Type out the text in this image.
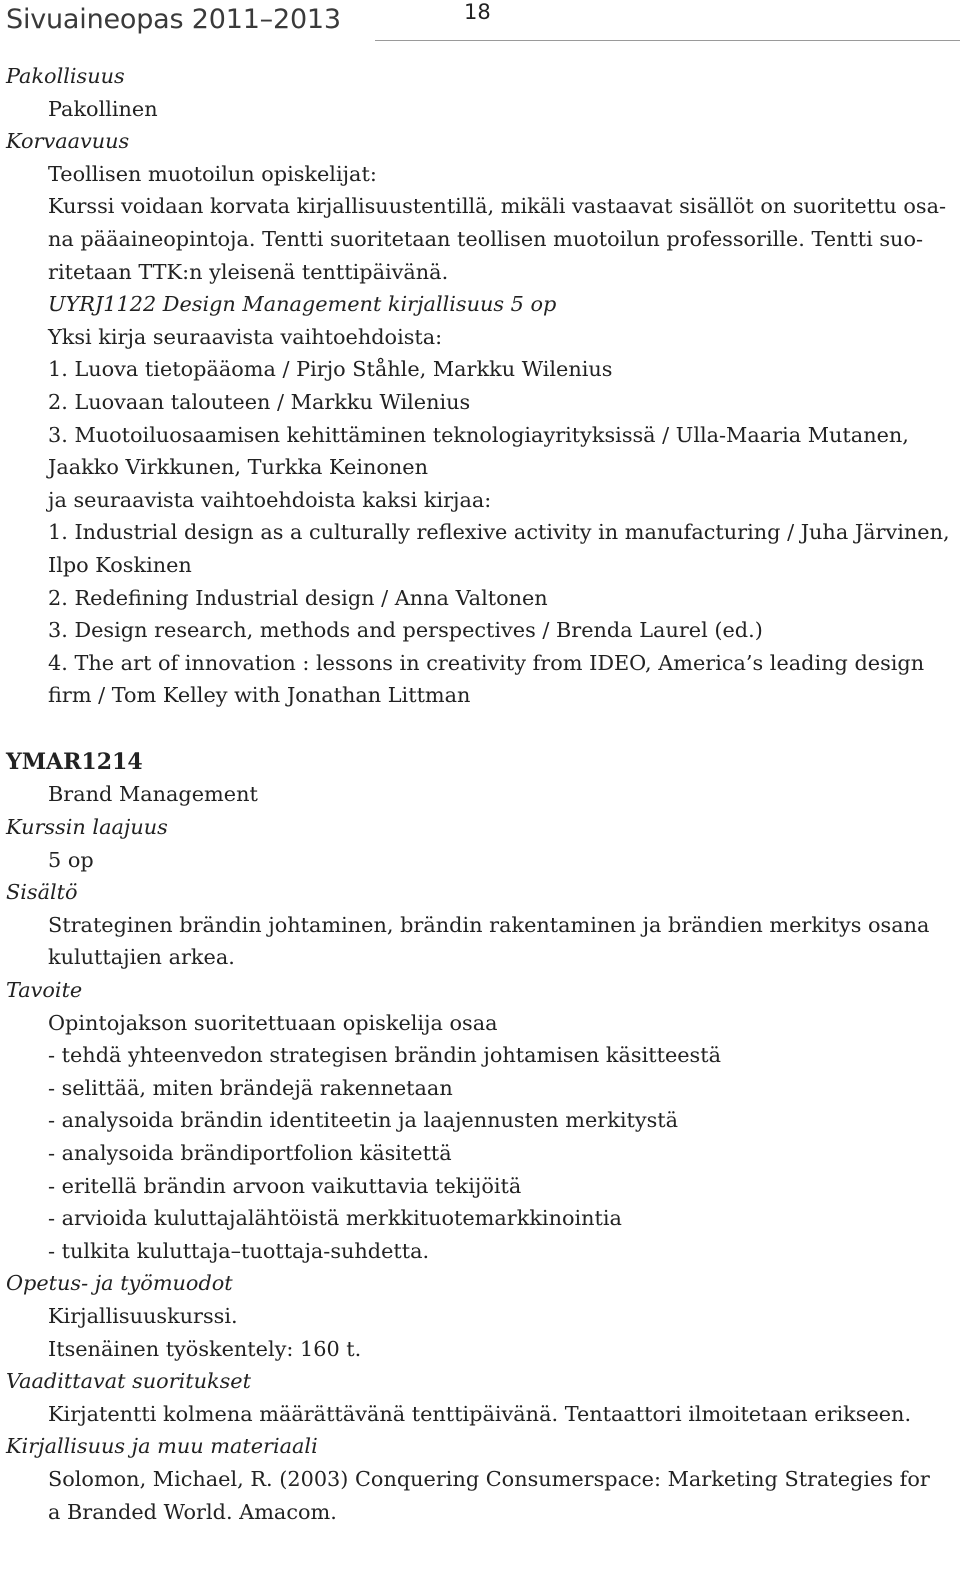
Sivuaineopas 2011–2013	18
Pakollisuus
Pakollinen
Korvaavuus
Teollisen muotoilun opiskelijat:
Kurssi voidaan korvata kirjallisuustentillä, mikäli vastaavat sisällöt on suoritettu osa-
na pääaineopintoja. Tentti suoritetaan teollisen muotoilun professorille. Tentti suo-
ritetaan TTK:n yleisenä tenttipäivänä.
UYRJ1122 Design Management kirjallisuus 5 op
Yksi kirja seuraavista vaihtoehdoista:
1. Luova tietopääoma / Pirjo Ståhle, Markku Wilenius
2. Luovaan talouteen / Markku Wilenius
3. Muotoiluosaamisen kehittäminen teknologiayrityksissä / Ulla-Maaria Mutanen,
Jaakko Virkkunen, Turkka Keinonen
ja seuraavista vaihtoehdoista kaksi kirjaa:
1. Industrial design as a culturally reflexive activity in manufacturing / Juha Järvinen,
Ilpo Koskinen
2. Redefining Industrial design / Anna Valtonen
3. Design research, methods and perspectives / Brenda Laurel (ed.)
4. The art of innovation : lessons in creativity from IDEO, America’s leading design
firm / Tom Kelley with Jonathan Littman
YMAR1214
Brand Management
Kurssin laajuus
5 op
Sisältö
Strateginen brändin johtaminen, brändin rakentaminen ja brändien merkitys osana
kuluttajien arkea.
Tavoite
Opintojakson suoritettuaan opiskelija osaa
- tehdä yhteenvedon strategisen brändin johtamisen käsitteestä
- selittää, miten brändejä rakennetaan
- analysoida brändin identiteetin ja laajennusten merkitystä
- analysoida brändiportfolion käsitettä
- eritellä brändin arvoon vaikuttavia tekijöitä
- arvioida kuluttajalähtöistä merkkituotemarkkinointia
- tulkita kuluttaja–tuottaja-suhdetta.
Opetus- ja työmuodot
Kirjallisuuskurssi.
Itsenäinen työskentely: 160 t.
Vaadittavat suoritukset
Kirjatentti kolmena määrättävänä tenttipäivänä. Tentaattori ilmoitetaan erikseen.
Kirjallisuus ja muu materiaali
Solomon, Michael, R. (2003) Conquering Consumerspace: Marketing Strategies for
a Branded World. Amacom.
